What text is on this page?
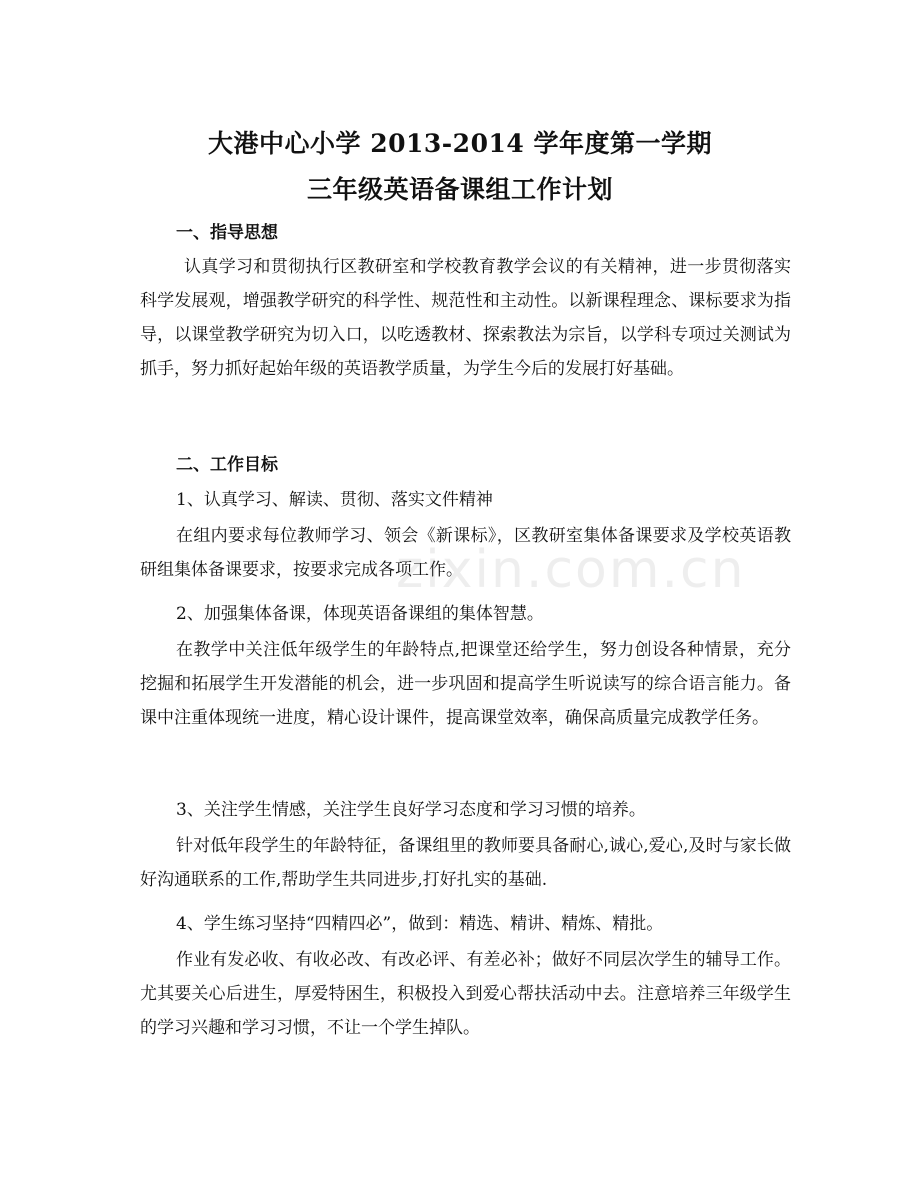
大港中心小学 2013-2014 学年度第一学期
三年级英语备课组工作计划
一、指导思想
认真学习和贯彻执行区教研室和学校教育教学会议的有关精神，进一步贯彻落实科学发展观，增强教学研究的科学性、规范性和主动性。以新课程理念、课标要求为指导，以课堂教学研究为切入口，以吃透教材、探索教法为宗旨，以学科专项过关测试为抓手，努力抓好起始年级的英语教学质量，为学生今后的发展打好基础。
二、工作目标
1、认真学习、解读、贯彻、落实文件精神
在组内要求每位教师学习、领会《新课标》，区教研室集体备课要求及学校英语教研组集体备课要求，按要求完成各项工作。
2、加强集体备课，体现英语备课组的集体智慧。
在教学中关注低年级学生的年龄特点,把课堂还给学生，努力创设各种情景，充分挖掘和拓展学生开发潜能的机会，进一步巩固和提高学生听说读写的综合语言能力。备课中注重体现统一进度，精心设计课件，提高课堂效率，确保高质量完成教学任务。
3、关注学生情感，关注学生良好学习态度和学习习惯的培养。
针对低年段学生的年龄特征，备课组里的教师要具备耐心,诚心,爱心,及时与家长做好沟通联系的工作,帮助学生共同进步,打好扎实的基础.
4、学生练习坚持“四精四必”，做到：精选、精讲、精炼、精批。
作业有发必收、有收必改、有改必评、有差必补；做好不同层次学生的辅导工作。尤其要关心后进生，厚爱特困生，积极投入到爱心帮扶活动中去。注意培养三年级学生的学习兴趣和学习习惯，不让一个学生掉队。
zixin.com.cn
